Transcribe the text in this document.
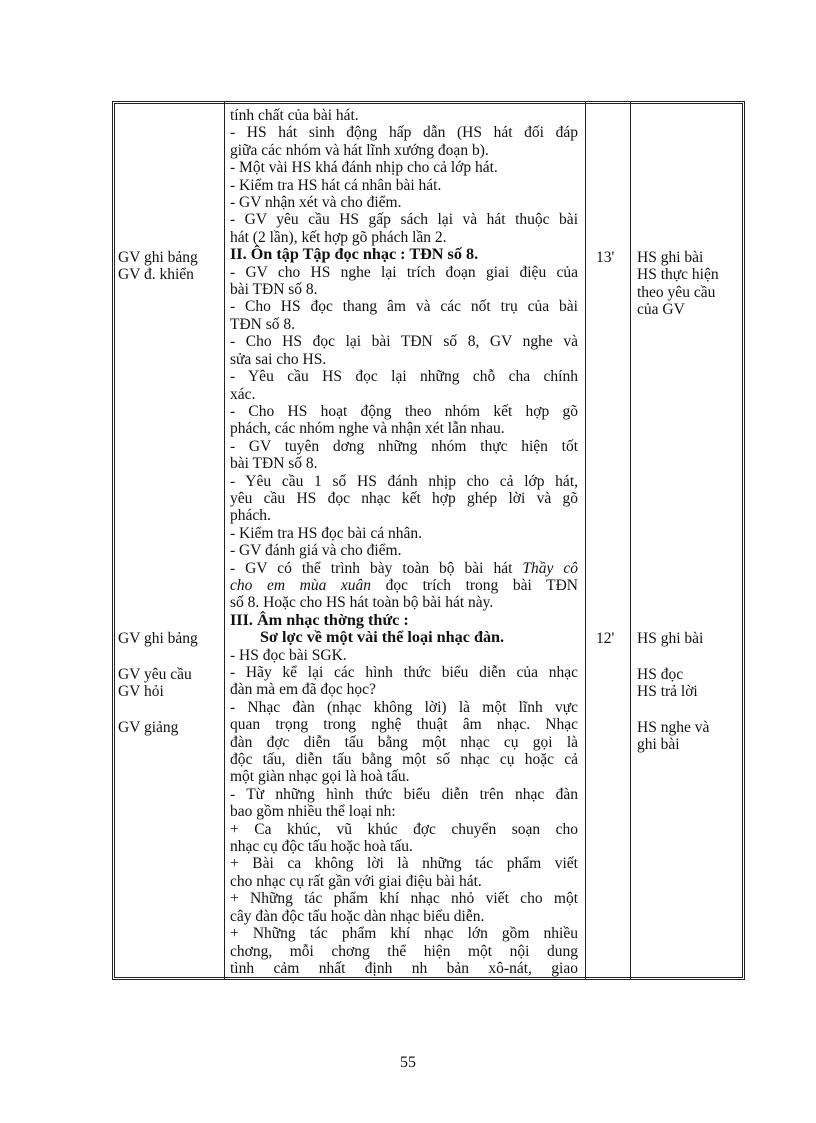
GV ghi bảng
GV đ. khiển
GV ghi bảng
GV yêu cầu
GV hỏi
GV giảng
tính chất của bài hát.
- HS hát sinh động hấp dẫn (HS hát đối đáp
giữa các nhóm và hát lĩnh xướng đoạn b).
- Một vài HS khá đánh nhịp cho cả lớp hát.
- Kiểm tra HS hát cá nhân bài hát.
- GV nhận xét và cho điểm.
- GV yêu cầu HS gấp sách lại và hát thuộc bài
hát (2 lần), kết hợp gõ phách lần 2.
II. Ôn tập Tập đọc nhạc : TĐN số 8.
- GV cho HS nghe lại trích đoạn giai điệu của
bài TĐN số 8.
- Cho HS đọc thang âm và các nốt trụ của bài
TĐN số 8.
- Cho HS đọc lại bài TĐN số 8, GV nghe và
sửa sai cho HS.
- Yêu cầu HS đọc lại những chỗ cha chính
xác.
- Cho HS hoạt động theo nhóm kết hợp gõ
phách, các nhóm nghe và nhận xét lẫn nhau.
- GV tuyên dơng những nhóm thực hiện tốt
bài TĐN số 8.
- Yêu cầu 1 số HS đánh nhịp cho cả lớp hát,
yêu cầu HS đọc nhạc kết hợp ghép lời và gõ
phách.
- Kiểm tra HS đọc bài cá nhân.
- GV đánh giá và cho điểm.
- GV có thể trình bày toàn bộ bài hát Thầy cô
cho em mùa xuân đọc trích trong bài TĐN
số 8. Hoặc cho HS hát toàn bộ bài hát này.
III. Âm nhạc thờng thức :
Sơ lợc về một vài thể loại nhạc đàn.
- HS đọc bài SGK.
- Hãy kể lại các hình thức biểu diễn của nhạc
đàn mà em đã đọc học?
- Nhạc đàn (nhạc không lời) là một lĩnh vực
quan trọng trong nghệ thuật âm nhạc. Nhạc
đàn đợc diễn tấu bằng một nhạc cụ gọi là
độc tấu, diễn tấu bằng một số nhạc cụ hoặc cả
một giàn nhạc gọi là hoà tấu.
- Từ những hình thức biểu diễn trên nhạc đàn
bao gồm nhiều thể loại nh:
+ Ca khúc, vũ khúc đợc chuyển soạn cho
nhạc cụ độc tấu hoặc hoà tấu.
+ Bài ca không lời là những tác phẩm viết
cho nhạc cụ rất gần với giai điệu bài hát.
+ Những tác phẩm khí nhạc nhỏ viết cho một
cây đàn độc tấu hoặc dàn nhạc biểu diễn.
+ Những tác phẩm khí nhạc lớn gồm nhiều
chơng, mỗi chơng thể hiện một nội dung
tình cảm nhất định nh bản xô-nát, giao
13'
12'
HS ghi bài
HS thực hiện
theo yêu cầu
của GV
HS ghi bài
HS đọc
HS trả lời
HS nghe và
ghi bài
55
